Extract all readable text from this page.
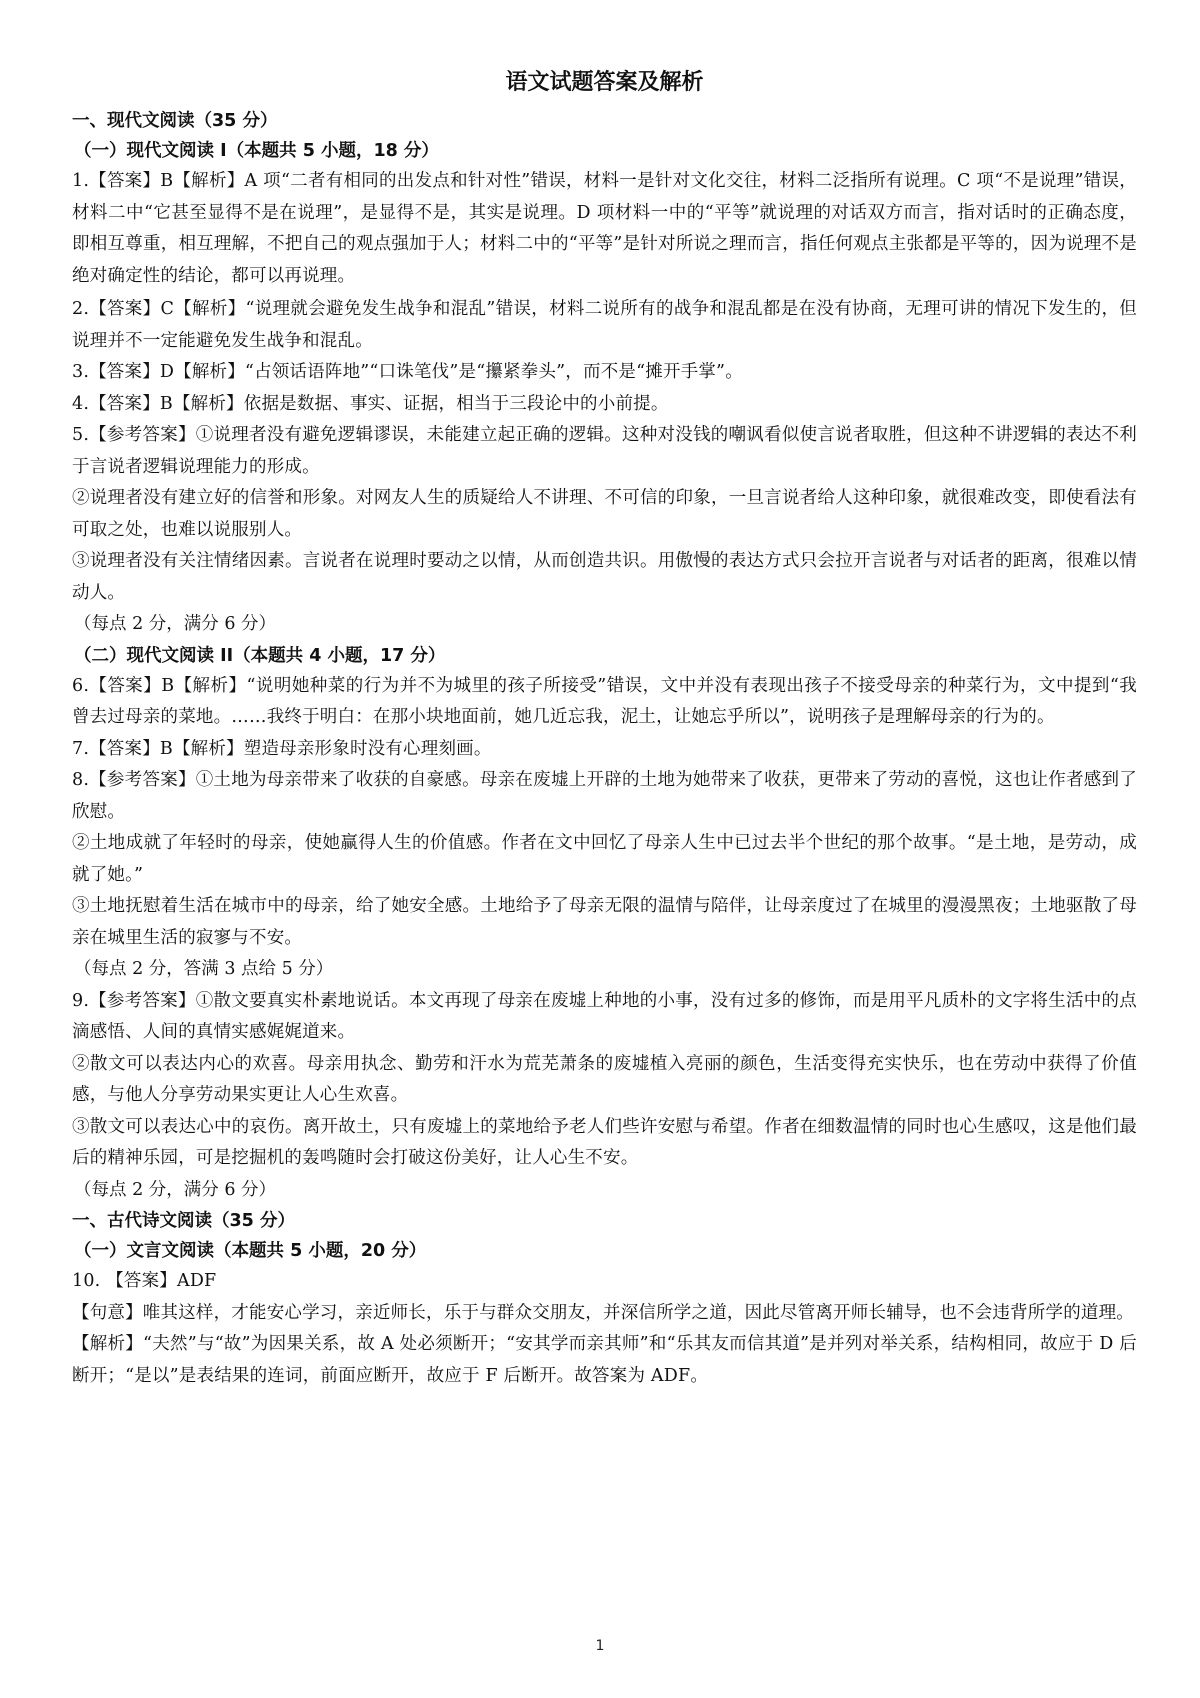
语文试题答案及解析
一、现代文阅读（35 分）
（一）现代文阅读 I（本题共 5 小题，18 分）

1.【答案】B【解析】A 项“二者有相同的出发点和针对性”错误，材料一是针对文化交往，材料二泛指所有说理。C 项“不是说理”错误，材料二中“它甚至显得不是在说理”，是显得不是，其实是说理。D 项材料一中的“平等”就说理的对话双方而言，指对话时的正确态度，即相互尊重，相互理解，不把自己的观点强加于人；材料二中的“平等”是针对所说之理而言，指任何观点主张都是平等的，因为说理不是绝对确定性的结论，都可以再说理。

2.【答案】C【解析】“说理就会避免发生战争和混乱”错误，材料二说所有的战争和混乱都是在没有协商，无理可讲的情况下发生的，但说理并不一定能避免发生战争和混乱。

3.【答案】D【解析】“占领话语阵地”“口诛笔伐”是“攥紧拳头”，而不是“摊开手掌”。

4.【答案】B【解析】依据是数据、事实、证据，相当于三段论中的小前提。

5.【参考答案】①说理者没有避免逻辑谬误，未能建立起正确的逻辑。这种对没钱的嘲讽看似使言说者取胜，但这种不讲逻辑的表达不利于言说者逻辑说理能力的形成。

②说理者没有建立好的信誉和形象。对网友人生的质疑给人不讲理、不可信的印象，一旦言说者给人这种印象，就很难改变，即使看法有可取之处，也难以说服别人。

③说理者没有关注情绪因素。言说者在说理时要动之以情，从而创造共识。用傲慢的表达方式只会拉开言说者与对话者的距离，很难以情动人。

（每点 2 分，满分 6 分）

（二）现代文阅读 II（本题共 4 小题，17 分）

6.【答案】B【解析】“说明她种菜的行为并不为城里的孩子所接受”错误，文中并没有表现出孩子不接受母亲的种菜行为，文中提到“我曾去过母亲的菜地。……我终于明白：在那小块地面前，她几近忘我，泥土，让她忘乎所以”，说明孩子是理解母亲的行为的。

7.【答案】B【解析】塑造母亲形象时没有心理刻画。

8.【参考答案】①土地为母亲带来了收获的自豪感。母亲在废墟上开辟的土地为她带来了收获，更带来了劳动的喜悦，这也让作者感到了欣慰。

②土地成就了年轻时的母亲，使她赢得人生的价值感。作者在文中回忆了母亲人生中已过去半个世纪的那个故事。“是土地，是劳动，成就了她。”

③土地抚慰着生活在城市中的母亲，给了她安全感。土地给予了母亲无限的温情与陪伴，让母亲度过了在城里的漫漫黑夜；土地驱散了母亲在城里生活的寂寥与不安。

（每点 2 分，答满 3 点给 5 分）

9.【参考答案】①散文要真实朴素地说话。本文再现了母亲在废墟上种地的小事，没有过多的修饰，而是用平凡质朴的文字将生活中的点滴感悟、人间的真情实感娓娓道来。

②散文可以表达内心的欢喜。母亲用执念、勤劳和汗水为荒芜萧条的废墟植入亮丽的颜色，生活变得充实快乐，也在劳动中获得了价值感，与他人分享劳动果实更让人心生欢喜。

③散文可以表达心中的哀伤。离开故土，只有废墟上的菜地给予老人们些许安慰与希望。作者在细数温情的同时也心生感叹，这是他们最后的精神乐园，可是挖掘机的轰鸣随时会打破这份美好，让人心生不安。

（每点 2 分，满分 6 分）

一、古代诗文阅读（35 分）
（一）文言文阅读（本题共 5 小题，20 分）

10. 【答案】ADF

【句意】唯其这样，才能安心学习，亲近师长，乐于与群众交朋友，并深信所学之道，因此尽管离开师长辅导，也不会违背所学的道理。

【解析】“夫然”与“故”为因果关系，故 A 处必须断开；“安其学而亲其师”和“乐其友而信其道”是并列对举关系，结构相同，故应于 D 后断开；“是以”是表结果的连词，前面应断开，故应于 F 后断开。故答案为 ADF。

1
